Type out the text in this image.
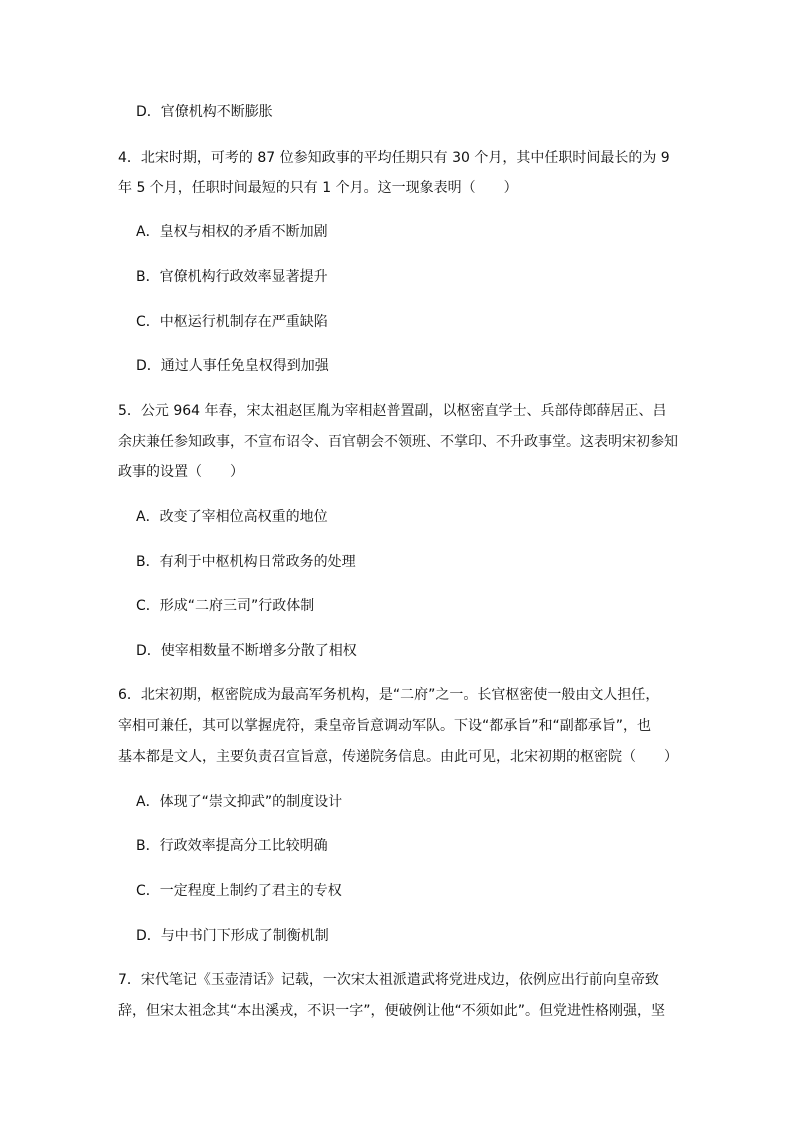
D．官僚机构不断膨胀
4．北宋时期，可考的 87 位参知政事的平均任期只有 30 个月，其中任职时间最长的为 9
年 5 个月，任职时间最短的只有 1 个月。这一现象表明（　　）
A．皇权与相权的矛盾不断加剧
B．官僚机构行政效率显著提升
C．中枢运行机制存在严重缺陷
D．通过人事任免皇权得到加强
5．公元 964 年春，宋太祖赵匡胤为宰相赵普置副，以枢密直学士、兵部侍郎薛居正、吕
余庆兼任参知政事，不宣布诏令、百官朝会不领班、不掌印、不升政事堂。这表明宋初参知
政事的设置（　　）
A．改变了宰相位高权重的地位
B．有利于中枢机构日常政务的处理
C．形成“二府三司”行政体制
D．使宰相数量不断增多分散了相权
6．北宋初期，枢密院成为最高军务机构，是“二府”之一。长官枢密使一般由文人担任，
宰相可兼任，其可以掌握虎符，秉皇帝旨意调动军队。下设“都承旨”和“副都承旨”，也
基本都是文人，主要负责召宣旨意，传递院务信息。由此可见，北宋初期的枢密院（　　）
A．体现了“崇文抑武”的制度设计
B．行政效率提高分工比较明确
C．一定程度上制约了君主的专权
D．与中书门下形成了制衡机制
7．宋代笔记《玉壶清话》记载，一次宋太祖派遣武将党进戍边，依例应出行前向皇帝致
辞，但宋太祖念其“本出溪戎，不识一字”，便破例让他“不须如此”。但党进性格刚强，坚
